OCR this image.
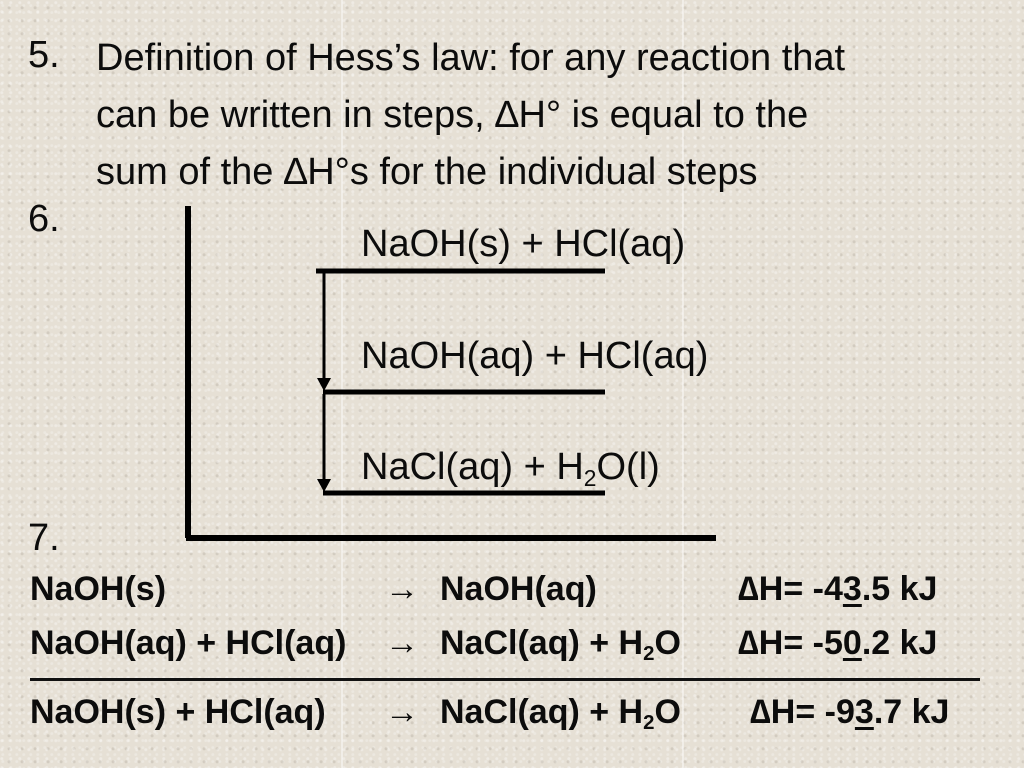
5. Definition of Hess’s law: for any reaction that
can be written in steps, ∆H° is equal to the
sum of the ∆H°s for the individual steps
6.
NaOH(s) + HCl(aq)
NaOH(aq) + HCl(aq)
NaCl(aq) + $H_2O(l)$
7.
NaOH(s)	→ NaOH(aq)	∆H= -43.5 kJ
NaOH(aq) + HCl(aq) → NaCl(aq) + $H_2O$ ∆H= -50.2 kJ
NaOH(s) + HCl(aq) → NaCl(aq) + $H_2O$ ∆H= -93.7 kJ
